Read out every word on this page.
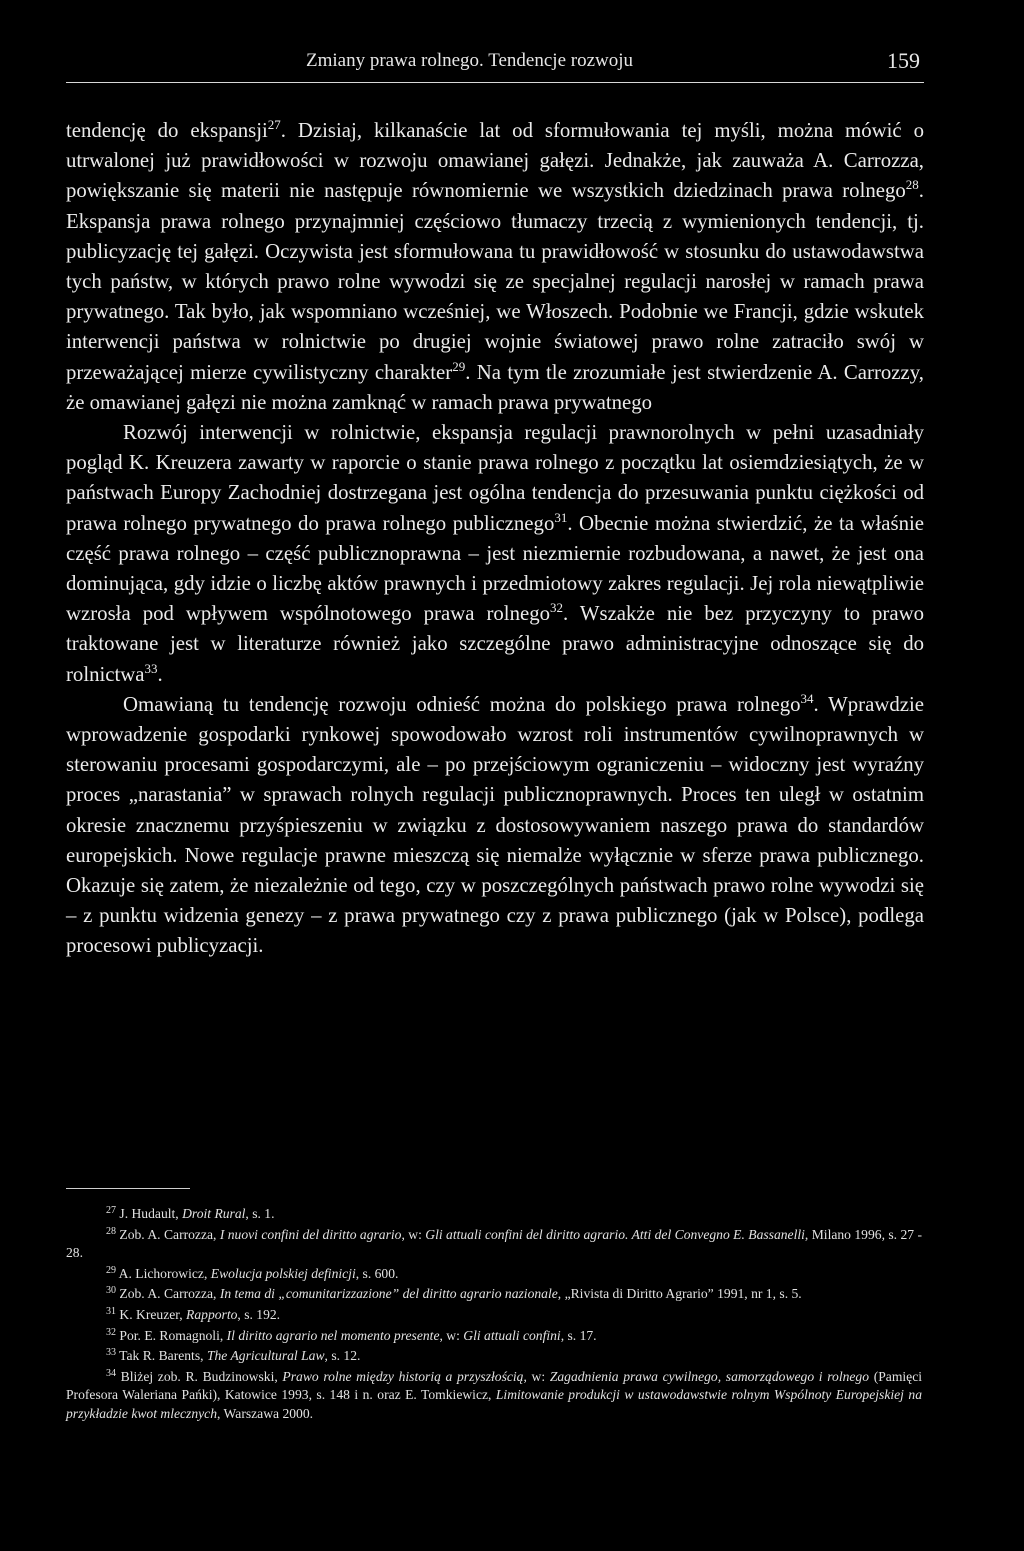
Zmiany prawa rolnego. Tendencje rozwoju	159

tendencję do ekspansji$^{27}$. Dzisiaj, kilkanaście lat od sformułowania tej myśli, można mówić o utrwalonej już prawidłowości w rozwoju omawianej gałęzi. Jednakże, jak zauważa A. Carrozza, powiększanie się materii nie następuje równomiernie we wszystkich dziedzinach prawa rolnego$^{28}$. Ekspansja prawa rolnego przynajmniej częściowo tłumaczy trzecią z wymienionych tendencji, tj. publicyzację tej gałęzi. Oczywista jest sformułowana tu prawidłowość w stosunku do ustawodawstwa tych państw, w których prawo rolne wywodzi się ze specjalnej regulacji narosłej w ramach prawa prywatnego. Tak było, jak wspomniano wcześniej, we Włoszech. Podobnie we Francji, gdzie wskutek interwencji państwa w rolnictwie po drugiej wojnie światowej prawo rolne zatraciło swój w przeważającej mierze cywilistyczny charakter$^{29}$. Na tym tle zrozumiałe jest stwierdzenie A. Carrozzy, że omawianej gałęzi nie można zamknąć w ramach prawa prywatnego

Rozwój interwencji w rolnictwie, ekspansja regulacji prawnorolnych w pełni uzasadniały pogląd K. Kreuzera zawarty w raporcie o stanie prawa rolnego z początku lat osiemdziesiątych, że w państwach Europy Zachodniej dostrzegana jest ogólna tendencja do przesuwania punktu ciężkości od prawa rolnego prywatnego do prawa rolnego publicznego$^{31}$. Obecnie można stwierdzić, że ta właśnie część prawa rolnego – część publicznoprawna – jest niezmiernie rozbudowana, a nawet, że jest ona dominująca, gdy idzie o liczbę aktów prawnych i przedmiotowy zakres regulacji. Jej rola niewątpliwie wzrosła pod wpływem wspólnotowego prawa rolnego$^{32}$. Wszakże nie bez przyczyny to prawo traktowane jest w literaturze również jako szczególne prawo administracyjne odnoszące się do rolnictwa$^{33}$.

Omawianą tu tendencję rozwoju odnieść można do polskiego prawa rolnego$^{34}$. Wprawdzie wprowadzenie gospodarki rynkowej spowodowało wzrost roli instrumentów cywilnoprawnych w sterowaniu procesami gospodarczymi, ale – po przejściowym ograniczeniu – widoczny jest wyraźny proces „narastania” w sprawach rolnych regulacji publicznoprawnych. Proces ten uległ w ostatnim okresie znacznemu przyśpieszeniu w związku z dostosowywaniem naszego prawa do standardów europejskich. Nowe regulacje prawne mieszczą się niemalże wyłącznie w sferze prawa publicznego. Okazuje się zatem, że niezależnie od tego, czy w poszczególnych państwach prawo rolne wywodzi się – z punktu widzenia genezy – z prawa prywatnego czy z prawa publicznego (jak w Polsce), podlega procesowi publicyzacji.

$^{27}$ J. Hudault, Droit Rural, s. 1.

$^{28}$ Zob. A. Carrozza, I nuovi confini del diritto agrario, w: Gli attuali confini del diritto agrario. Atti del Convegno E. Bassanelli, Milano 1996, s. 27 - 28.

$^{29}$ A. Lichorowicz, Ewolucja polskiej definicji, s. 600.

$^{30}$ Zob. A. Carrozza, In tema di „comunitarizzazione” del diritto agrario nazionale, „Rivista di Diritto Agrario” 1991, nr 1, s. 5.

$^{31}$ K. Kreuzer, Rapporto, s. 192.

$^{32}$ Por. E. Romagnoli, Il diritto agrario nel momento presente, w: Gli attuali confini, s. 17.

$^{33}$ Tak R. Barents, The Agricultural Law, s. 12.

$^{34}$ Bliżej zob. R. Budzinowski, Prawo rolne między historią a przyszłością, w: Zagadnienia prawa cywilnego, samorządowego i rolnego (Pamięci Profesora Waleriana Pańki), Katowice 1993, s. 148 i n. oraz E. Tomkiewicz, Limitowanie produkcji w ustawodawstwie rolnym Wspólnoty Europejskiej na przykładzie kwot mlecznych, Warszawa 2000.
